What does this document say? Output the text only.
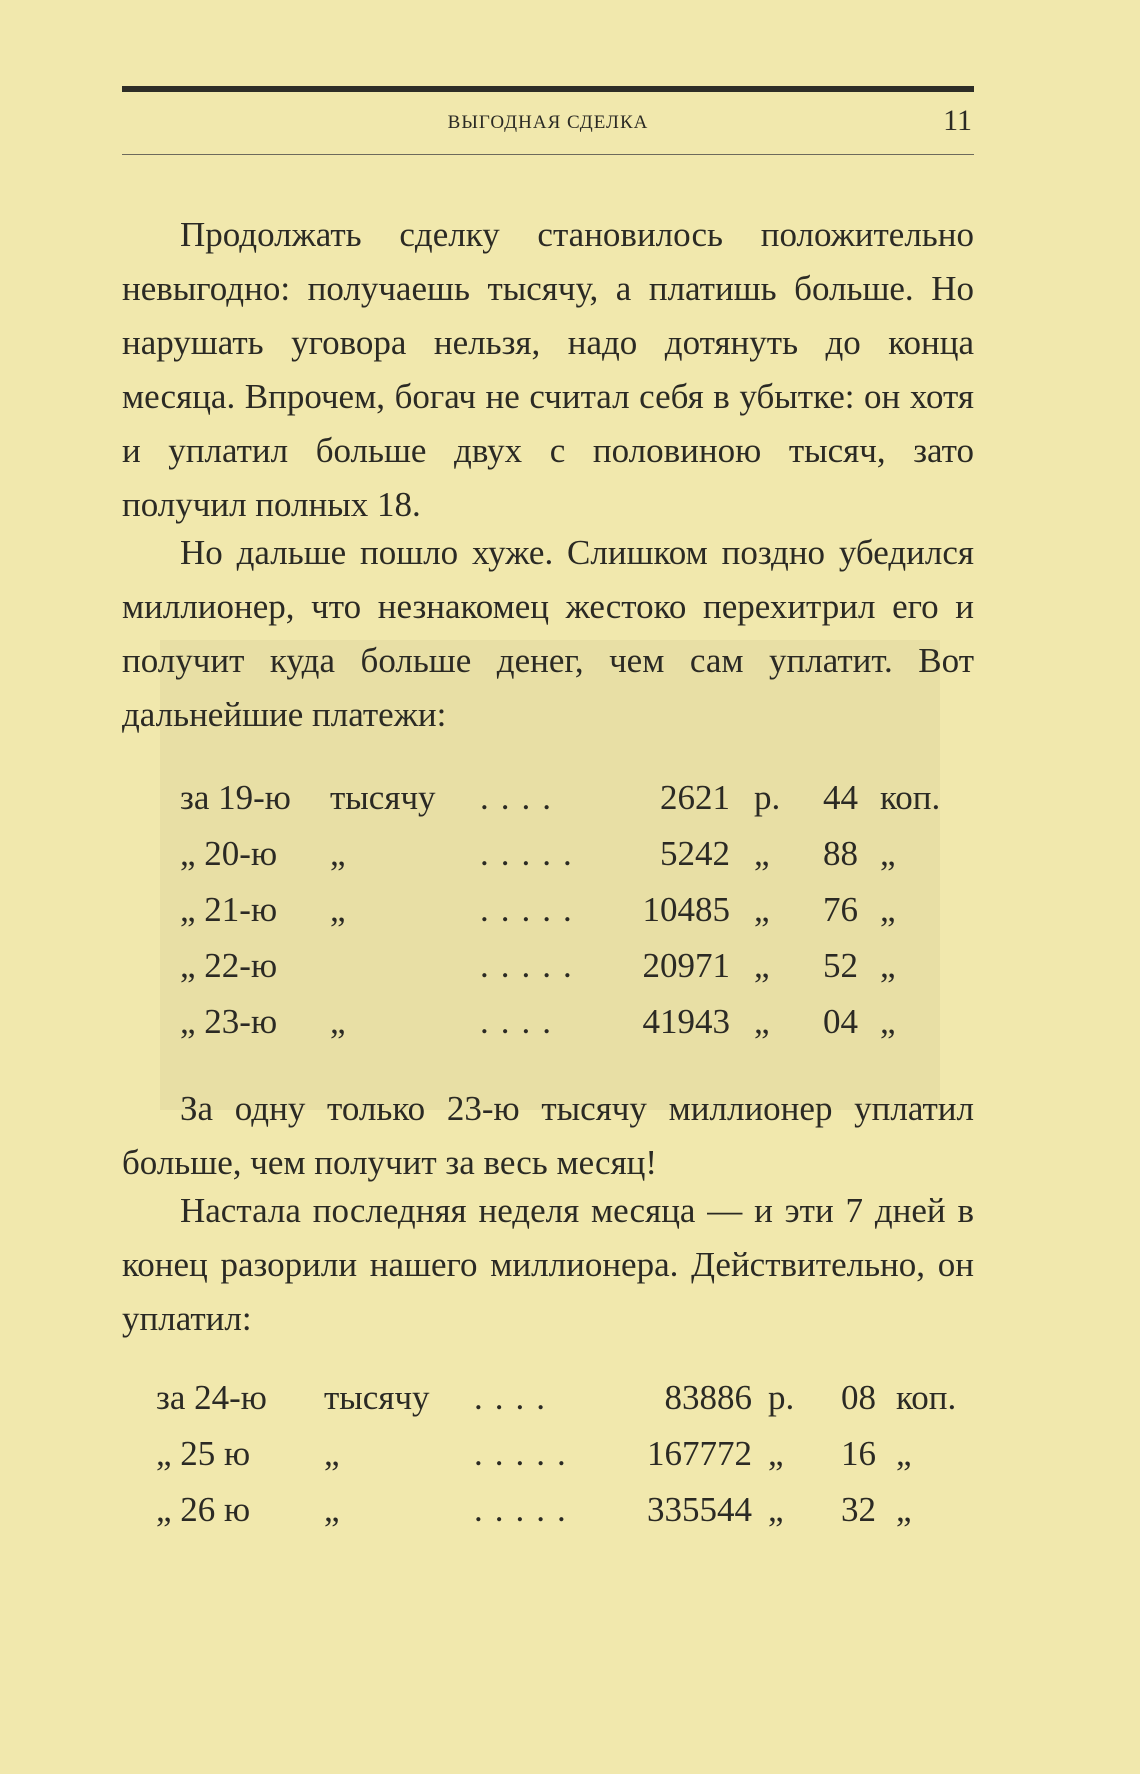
ВЫГОДНАЯ СДЕЛКА	11
Продолжать сделку становилось положительно невыгодно: получаешь тысячу, а платишь больше. Но нарушать уговора нельзя, надо дотянуть до конца месяца. Впрочем, богач не считал себя в убытке: он хотя и уплатил больше двух с половиною тысяч, зато получил полных 18.
Но дальше пошло хуже. Слишком поздно убедился миллионер, что незнакомец жестоко перехитрил его и получит куда больше денег, чем сам уплатит. Вот дальнейшие платежи:
за 19-ю тысячу ....	2621 р.	44 коп.
„ 20-ю „	.....	5242 „	88 „
„ 21-ю „	.....	10485 „	76 „
„ 22-ю	.....	20971 „	52 „
„ 23-ю „	....	41943 „	04 „
За одну только 23-ю тысячу миллионер уплатил больше, чем получит за весь месяц!
Настала последняя неделя месяца — и эти 7 дней в конец разорили нашего миллионера. Действительно, он уплатил:
за 24-ю тысячу ....	83886 р.	08 коп.
„ 25 ю „	.....	167772 „	16 „
„ 26 ю „	.....	335544 „	32 „
